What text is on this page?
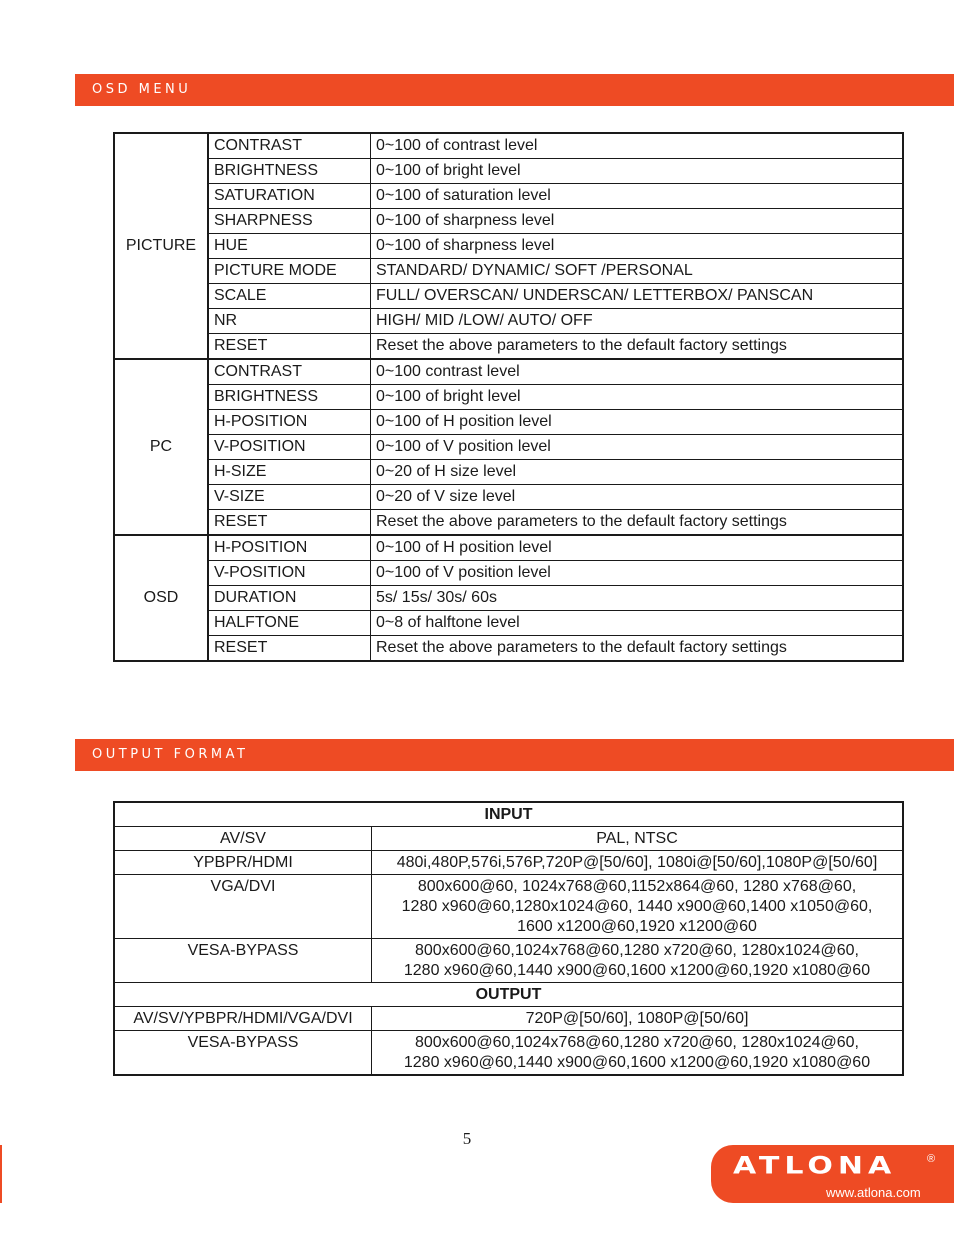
OSD MENU
PICTURE	CONTRAST	0~100 of contrast level
	BRIGHTNESS	0~100 of bright level
	SATURATION	0~100 of saturation level
	SHARPNESS	0~100 of sharpness level
	HUE	0~100 of sharpness level
	PICTURE MODE	STANDARD/ DYNAMIC/ SOFT /PERSONAL
	SCALE	FULL/ OVERSCAN/ UNDERSCAN/ LETTERBOX/ PANSCAN
	NR	HIGH/ MID /LOW/ AUTO/ OFF
	RESET	Reset the above parameters to the default factory settings
PC	CONTRAST	0~100 contrast level
	BRIGHTNESS	0~100 of bright level
	H-POSITION	0~100 of H position level
	V-POSITION	0~100 of V position level
	H-SIZE	0~20 of H size level
	V-SIZE	0~20 of V size level
	RESET	Reset the above parameters to the default factory settings
OSD	H-POSITION	0~100 of H position level
	V-POSITION	0~100 of V position level
	DURATION	5s/ 15s/ 30s/ 60s
	HALFTONE	0~8 of halftone level
	RESET	Reset the above parameters to the default factory settings
OUTPUT FORMAT
INPUT	
AV/SV	PAL, NTSC

YPBPR/HDMI	480i,480P,576i,576P,720P@[50/60], 1080i@[50/60],1080P@[50/60]

VGA/DVI	800x600@60, 1024x768@60,1152x864@60, 1280 x768@60,
1280 x960@60,1280x1024@60, 1440 x900@60,1400 x1050@60,
1600 x1200@60,1920 x1200@60

VESA-BYPASS	800x600@60,1024x768@60,1280 x720@60, 1280x1024@60,
1280 x960@60,1440 x900@60,1600 x1200@60,1920 x1080@60

OUTPUT	
AV/SV/YPBPR/HDMI/VGA/DVI	720P@[50/60], 1080P@[50/60]

VESA-BYPASS	800x600@60,1024x768@60,1280 x720@60, 1280x1024@60,
1280 x960@60,1440 x900@60,1600 x1200@60,1920 x1080@60
5
ATLONA	®
www.atlona.com
